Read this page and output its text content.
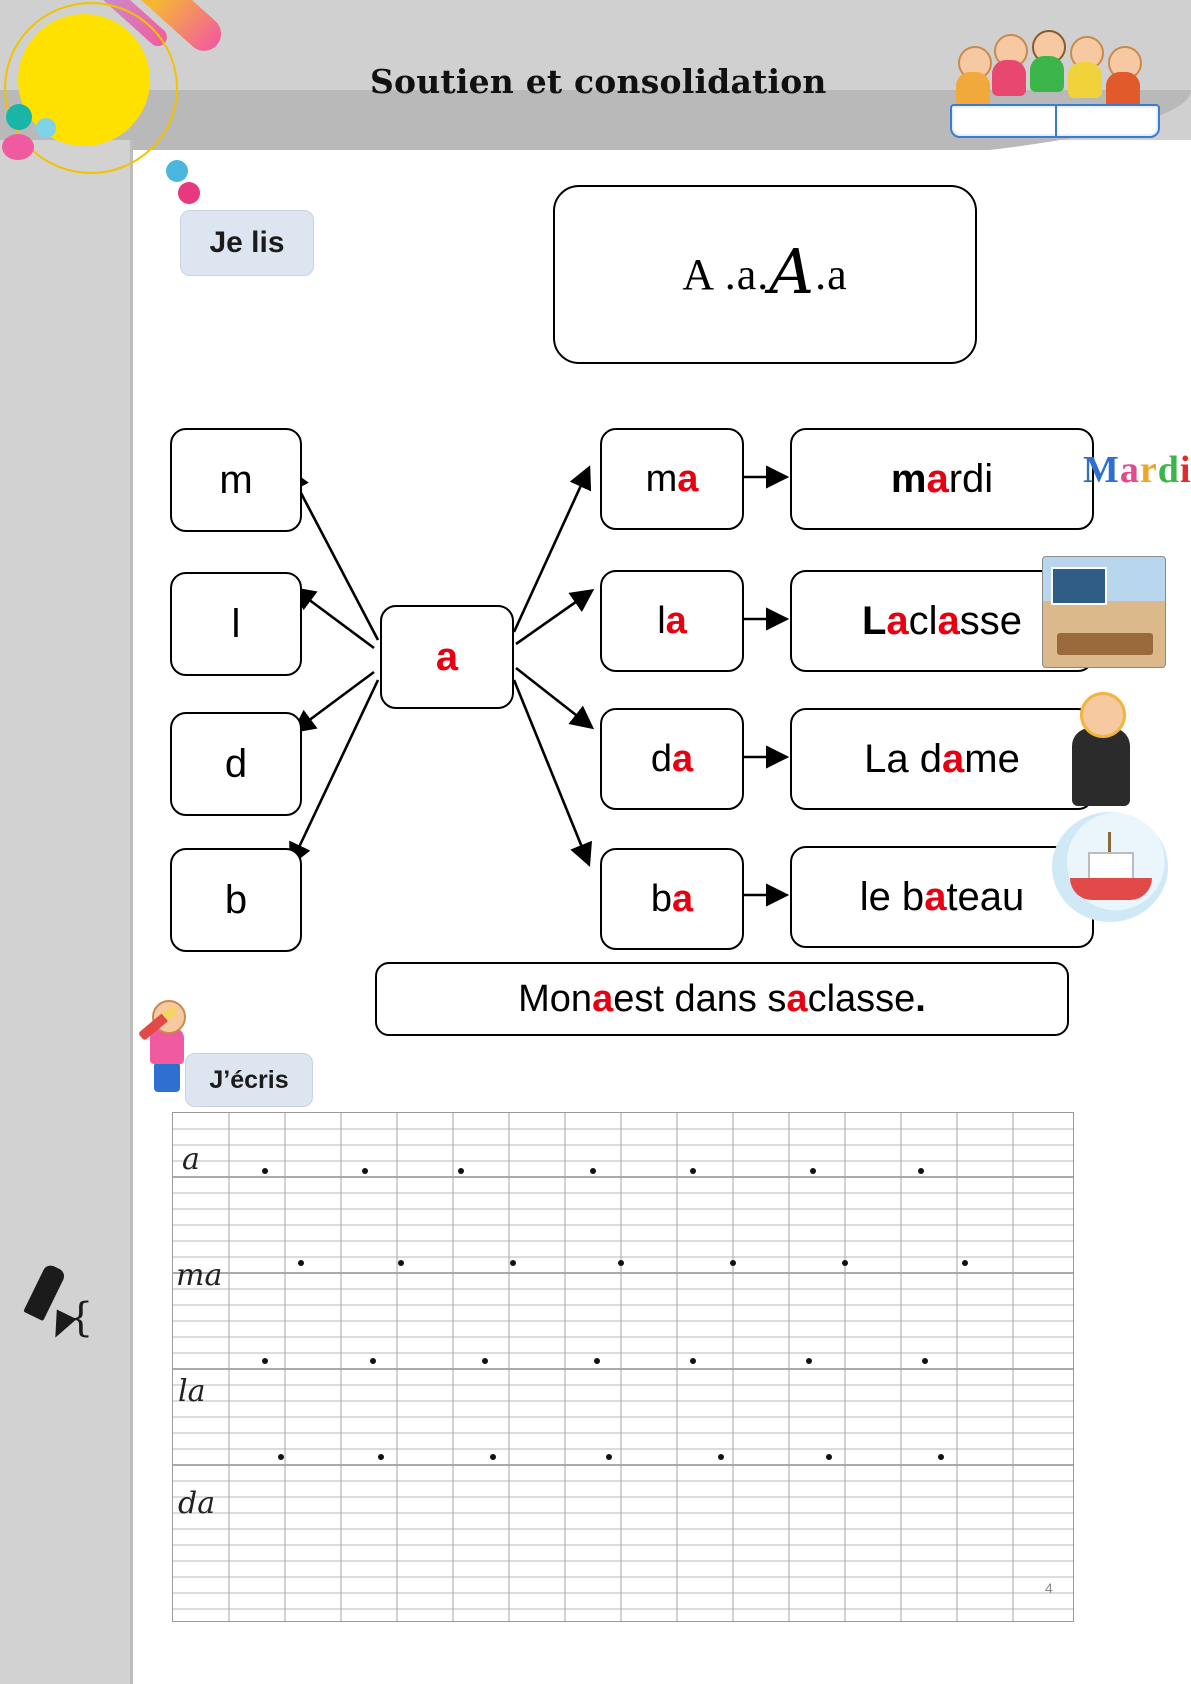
Soutien et consolidation
Je lis
A .a.A.a
m
l
d
b
a
m a
l a
d a
b a
m a rdi Mardi
L a cl a sse
La d a me
le b a teau
Mon a est dans s a classe .
J’écris
{
a
ma
la
da
4
